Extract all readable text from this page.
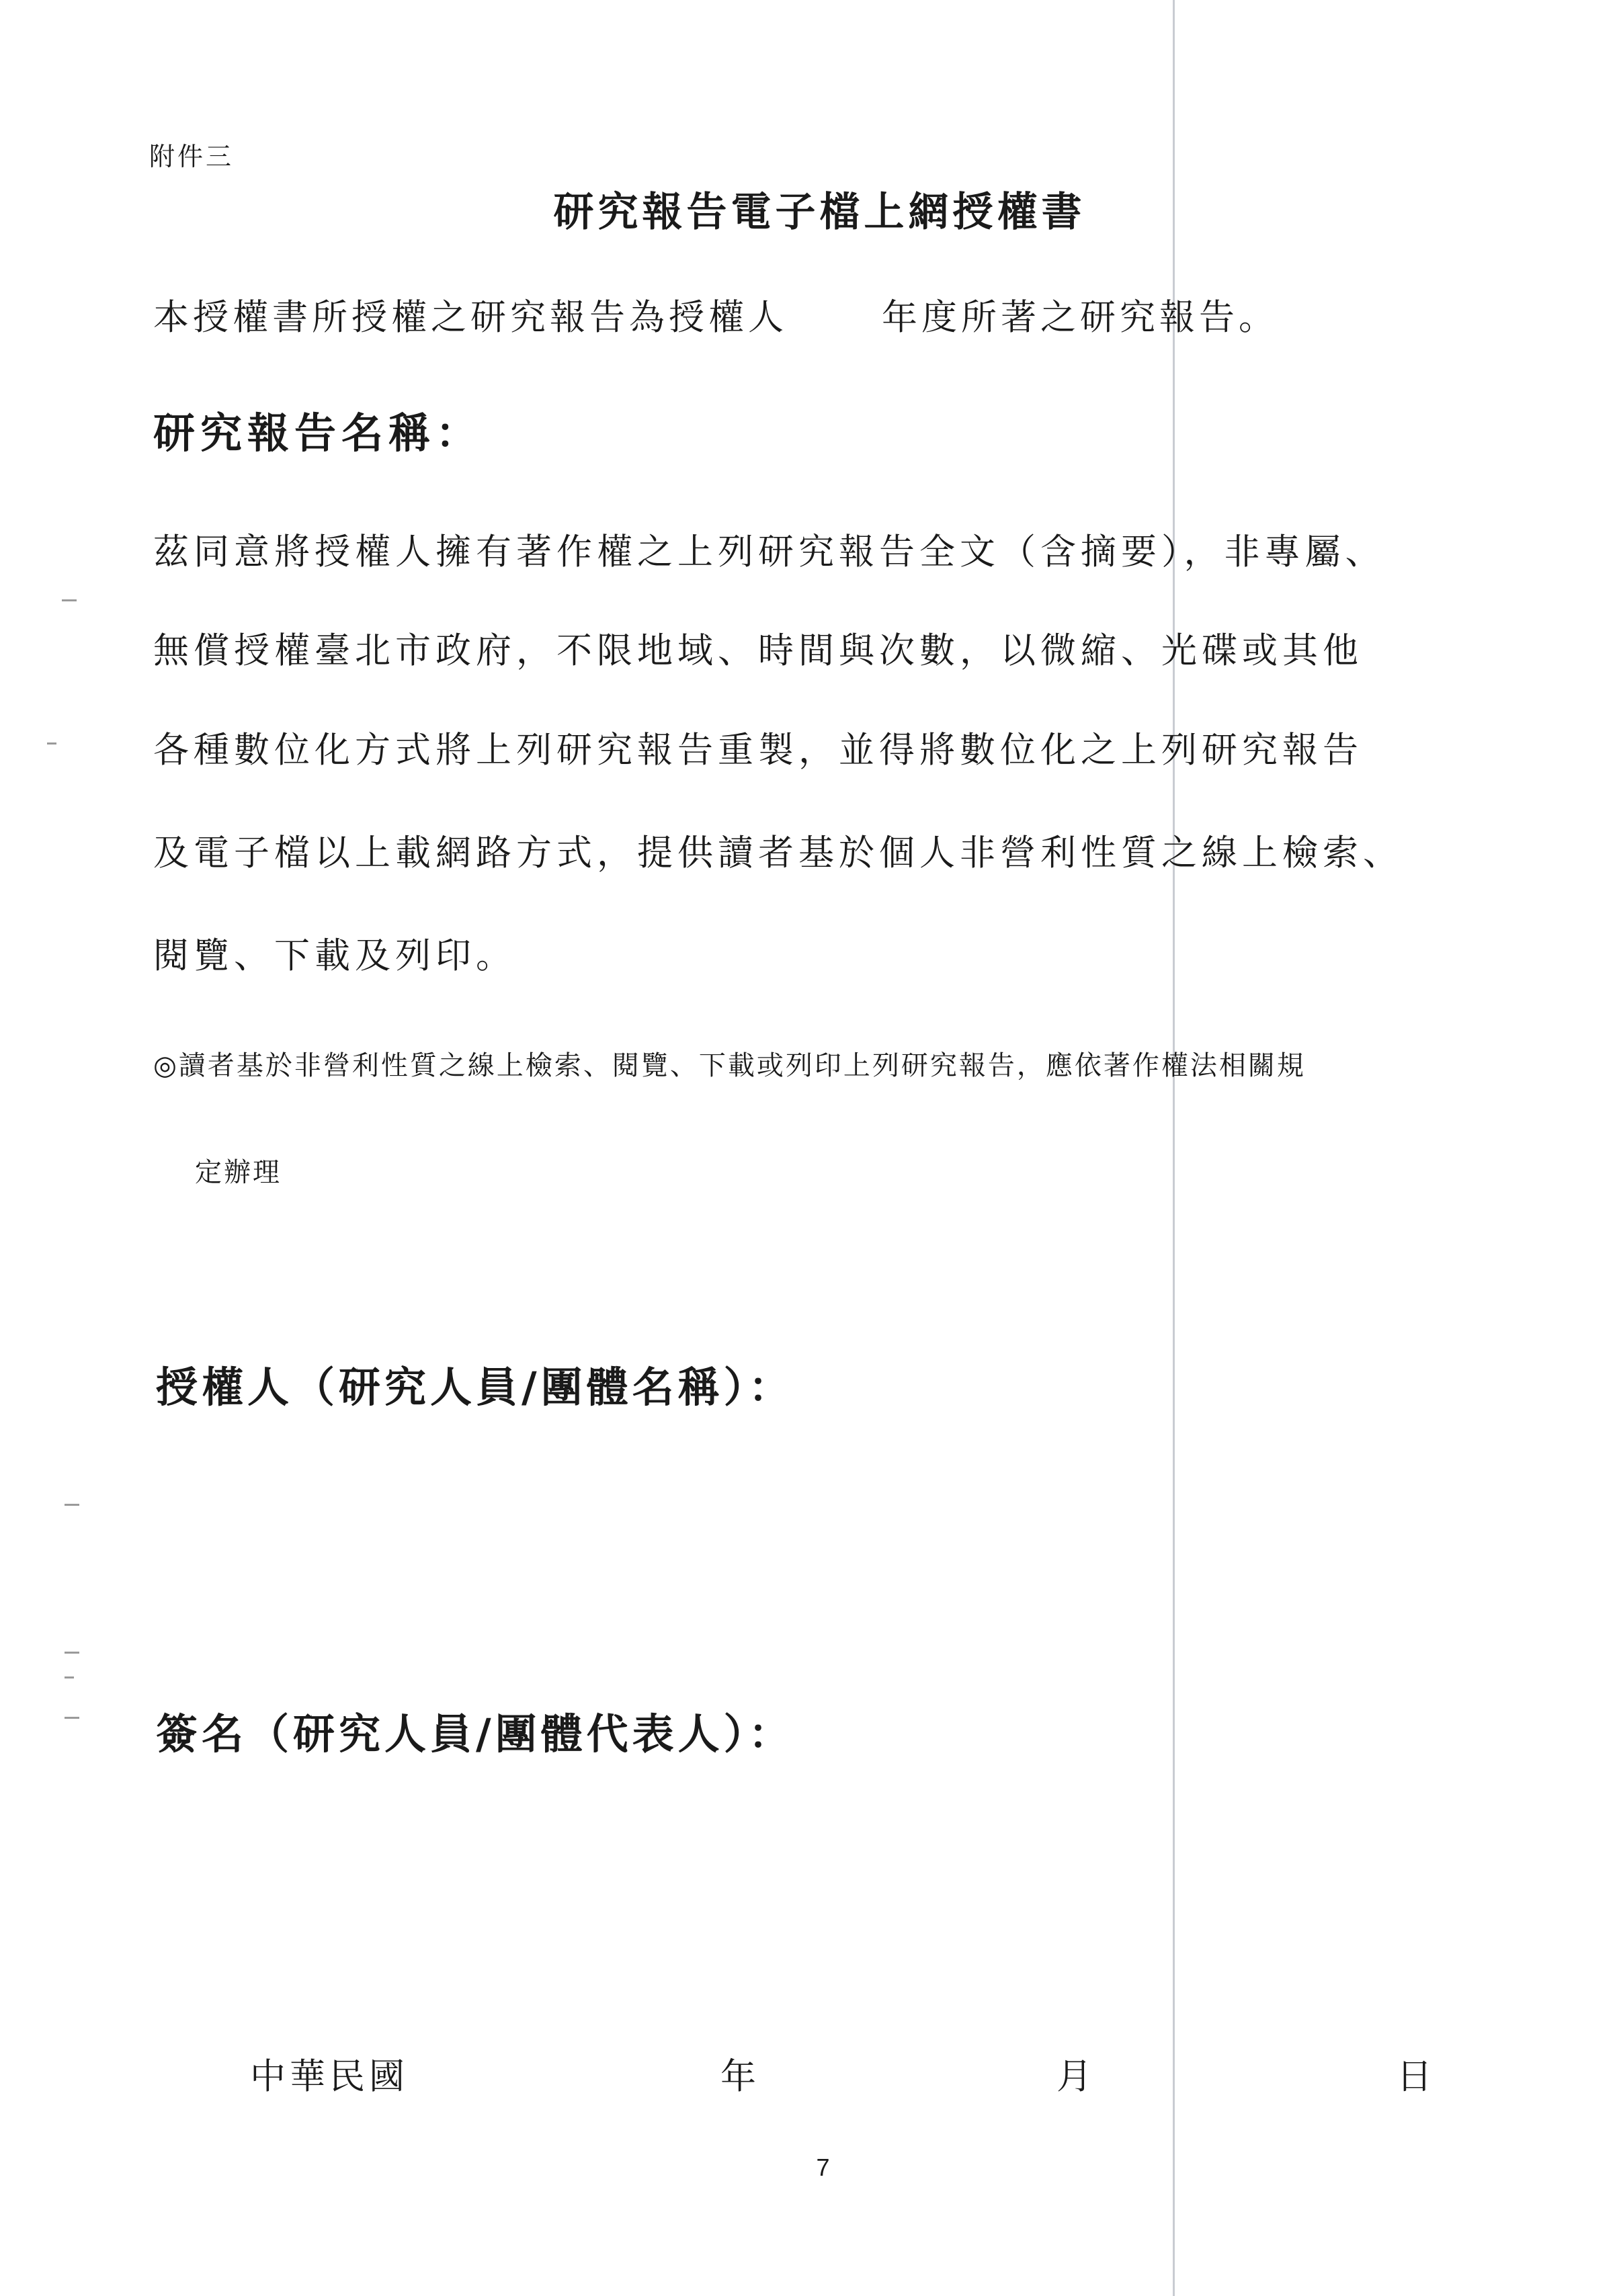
附件三
研究報告電子檔上網授權書
本授權書所授權之研究報告為授權人	年度所著之研究報告。
研究報告名稱：
茲同意將授權人擁有著作權之上列研究報告全文（含摘要），非專屬、
無償授權臺北市政府，不限地域、時間與次數，以微縮、光碟或其他
各種數位化方式將上列研究報告重製，並得將數位化之上列研究報告
及電子檔以上載網路方式，提供讀者基於個人非營利性質之線上檢索、
閱覽、下載及列印。
◎讀者基於非營利性質之線上檢索、閱覽、下載或列印上列研究報告，應依著作權法相關規
定辦理
授權人（研究人員/團體名稱）：
簽名（研究人員/團體代表人）：
中華民國	年	月	日
7
